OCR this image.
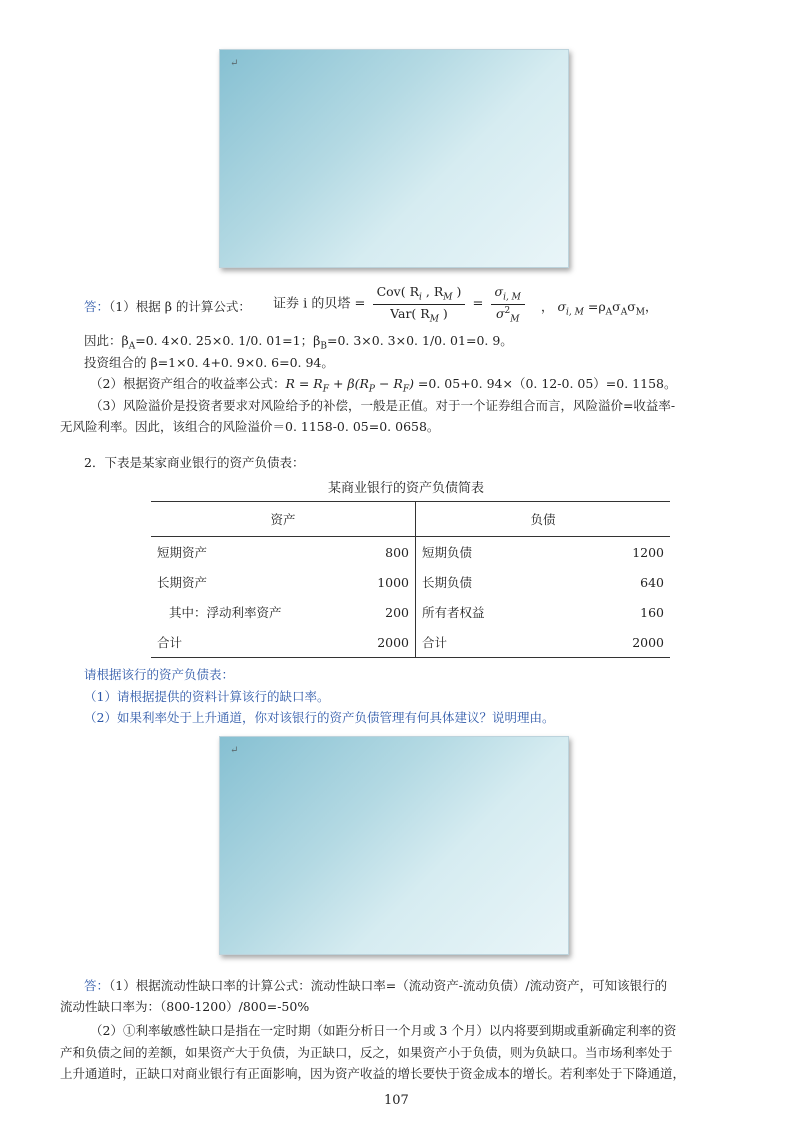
↵
答：（1）根据 β 的计算公式： 证券 i 的贝塔 = $\frac{Cov( R_i , R_M )}{Var( R_M )} = \frac{\sigma_{i, M}}{\sigma^2_M}$ ， $\sigma_{i, M} =\rho_A\sigma_A\sigma_M$，
因此：$\beta_A=0$. 4×0. 25×0. 1/0. 01=1；$\beta_B=0$. 3×0. 3×0. 1/0. 01=0. 9。
投资组合的 β=1×0. 4+0. 9×0. 6=0. 94。
（2）根据资产组合的收益率公式：$R = R_F + \beta(R_P - R_F) =0$. 05+0. 94×（0. 12-0. 05）=0. 1158。
（3）风险溢价是投资者要求对风险给予的补偿，一般是正值。对于一个证券组合而言，风险溢价=收益率-
无风险利率。因此，该组合的风险溢价＝0. 1158-0. 05=0. 0658。
2．下表是某家商业银行的资产负债表：
某商业银行的资产负债简表
资产		负债	
短期资产	800	短期负债	1200
长期资产	1000	长期负债	640
其中：浮动利率资产	200	所有者权益	160
合计	2000	合计	2000
请根据该行的资产负债表：
（1）请根据提供的资料计算该行的缺口率。
（2）如果利率处于上升通道，你对该银行的资产负债管理有何具体建议？说明理由。
↵
答：（1）根据流动性缺口率的计算公式：流动性缺口率=（流动资产-流动负债）/流动资产，可知该银行的
流动性缺口率为：（800-1200）/800=-50%
（2）①利率敏感性缺口是指在一定时期（如距分析日一个月或 3 个月）以内将要到期或重新确定利率的资
产和负债之间的差额，如果资产大于负债，为正缺口，反之，如果资产小于负债，则为负缺口。当市场利率处于
上升通道时，正缺口对商业银行有正面影响，因为资产收益的增长要快于资金成本的增长。若利率处于下降通道，
107
